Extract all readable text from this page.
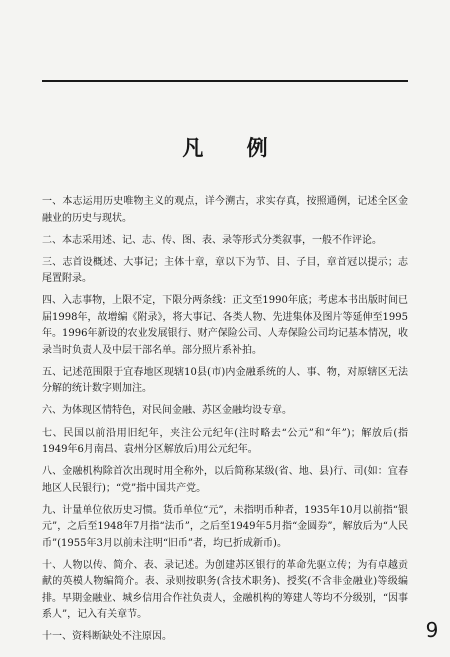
凡 例

一、本志运用历史唯物主义的观点，详今溯古，求实存真，按照通例，记述全区金融业的历史与现状。

二、本志采用述、记、志、传、图、表、录等形式分类叙事，一般不作评论。

三、志首设概述、大事记；主体十章，章以下为节、目、子目，章首冠以提示；志尾置附录。

四、入志事物，上限不定，下限分两条线：正文至1990年底；考虑本书出版时间已届1998年，故增编《附录》，将大事记、各类人物、先进集体及图片等延伸至1995年。1996年新设的农业发展银行、财产保险公司、人寿保险公司均记基本情况，收录当时负责人及中层干部名单。部分照片系补拍。

五、记述范围限于宜春地区现辖10县(市)内金融系统的人、事、物，对原辖区无法分解的统计数字则加注。

六、为体现区情特色，对民间金融、苏区金融均设专章。

七、民国以前沿用旧纪年，夹注公元纪年(注时略去“公元”和“年”)；解放后(指1949年6月南昌、袁州分区解放后)用公元纪年。

八、金融机构除首次出现时用全称外，以后简称某级(省、地、县)行、司(如：宜春地区人民银行)；“党”指中国共产党。

九、计量单位依历史习惯。货币单位“元”，未指明币种者，1935年10月以前指“银元”，之后至1948年7月指“法币”，之后至1949年5月指“金圆券”，解放后为“人民币”(1955年3月以前未注明“旧币”者，均已折成新币)。

十、人物以传、简介、表、录记述。为创建苏区银行的革命先驱立传；为有卓越贡献的英模人物编简介。表、录则按职务(含技术职务)、授奖(不含非金融业)等级编排。早期金融业、城乡信用合作社负责人，金融机构的筹建人等均不分级别，“因事系人”，记入有关章节。

十一、资料断缺处不注原因。	9
